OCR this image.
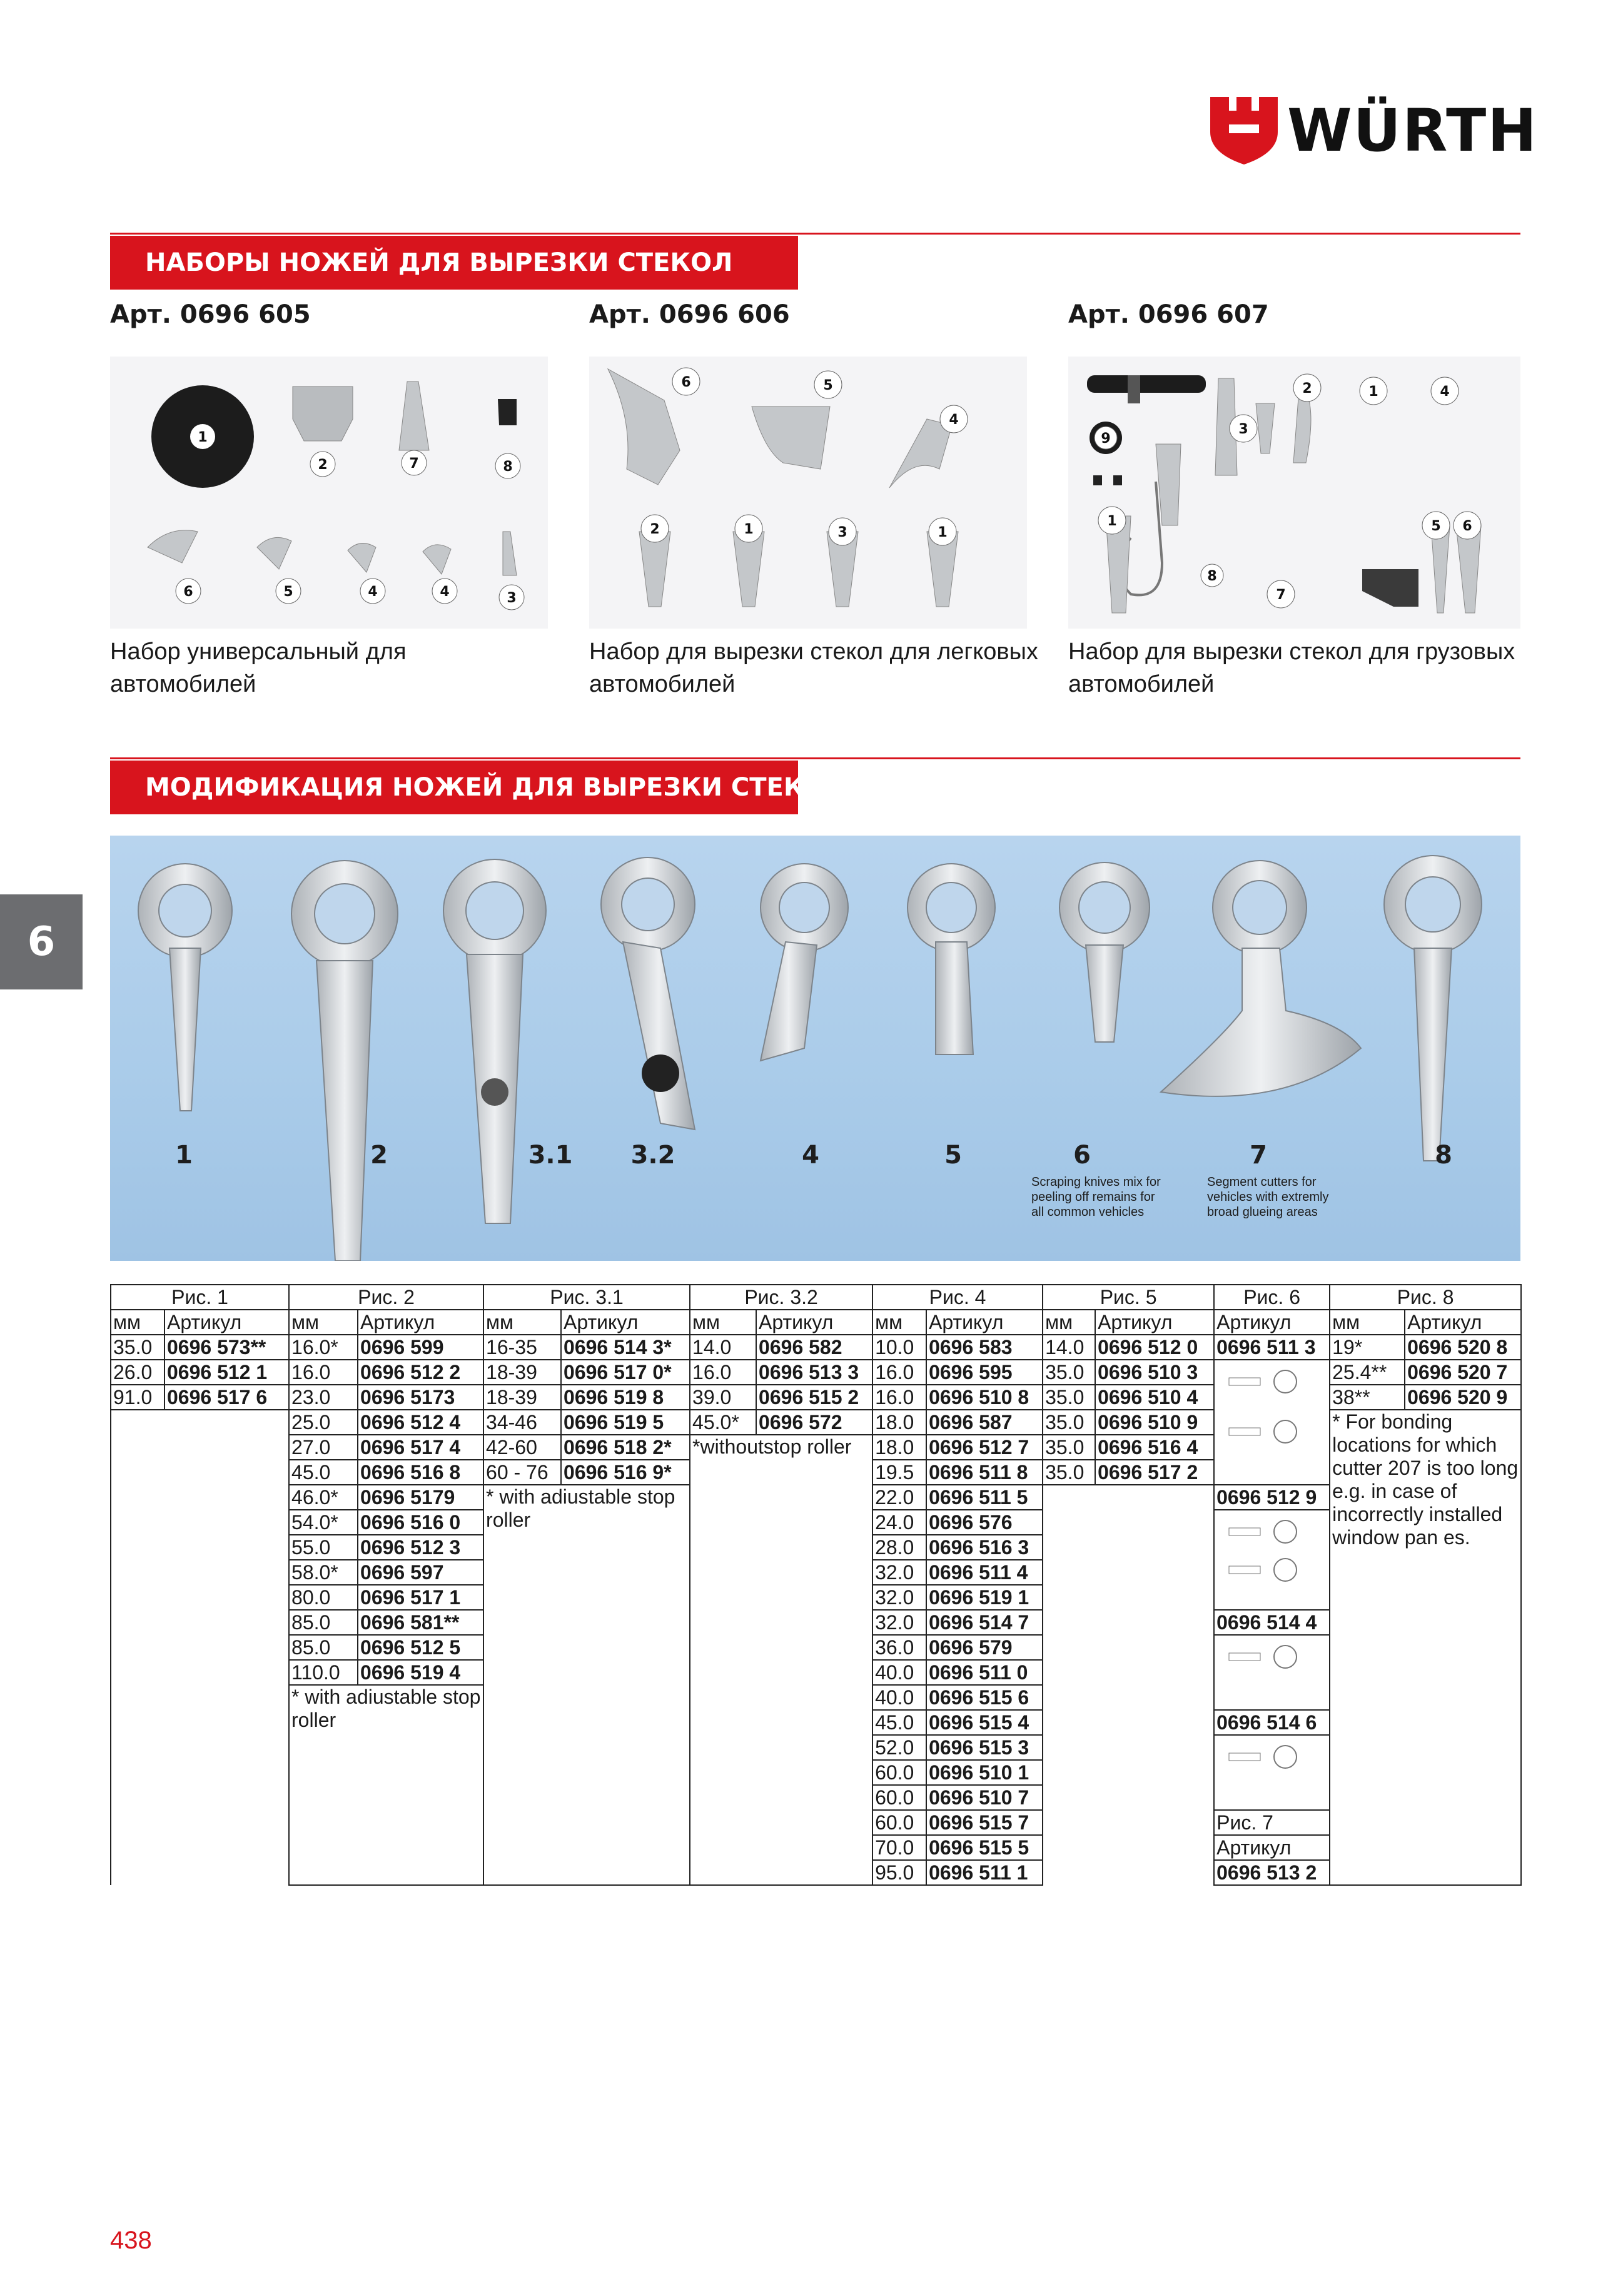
WÜRTH
НАБОРЫ НОЖЕЙ ДЛЯ ВЫРЕЗКИ СТЕКОЛ
Арт. 0696 605	Арт. 0696 606	Арт. 0696 607
1
2	7	8
6	5	4	4	3
6	5
4
2	1	3	1
2	1	4
9
3
1
8
5 6
7
Набор универсальный для
автомобилей
Набор для вырезки стекол для легковых
автомобилей
Набор для вырезки стекол для грузовых
автомобилей
МОДИФИКАЦИЯ НОЖЕЙ ДЛЯ ВЫРЕЗКИ СТЕКОЛ
6
1	2	3.1 3.2	4	5	6	7	8
Scraping knives mix for peeling off remains for all common vehicles
Segment cutters for vehicles with extremly broad glueing areas
Рис. 1		Рис. 2		Рис. 3.1		Рис. 3.2		Рис. 4		Рис. 5		Рис. 6	Рис. 8	
мм	Артикул	мм	Артикул	мм	Артикул	мм	Артикул	мм	Артикул	мм	Артикул	Артикул	мм	Артикул
35.0	0696 573**	16.0*	0696 599	16-35	0696 514 3*	14.0	0696 582	10.0	0696 583	14.0	0696 512 0	0696 511 3	19*	0696 520 8
26.0	0696 512 1	16.0	0696 512 2	18-39	0696 517 0*	16.0	0696 513 3	16.0	0696 595	35.0	0696 510 3		25.4**	0696 520 7
91.0	0696 517 6	23.0	0696 5173	18-39	0696 519 8	39.0	0696 515 2	16.0	0696 510 8	35.0	0696 510 4		38**	0696 520 9
		25.0	0696 512 4	34-46	0696 519 5	45.0*	0696 572	18.0	0696 587	35.0	0696 510 9		* For bonding locations for which cutter 207 is too long e.g. in case of incorrectly installed window pan es.	
		27.0	0696 517 4	42-60	0696 518 2*	*withoutstop roller		18.0	0696 512 7	35.0	0696 516 4			
		45.0	0696 516 8	60 - 76	0696 516 9*			19.5	0696 511 8	35.0	0696 517 2			
		46.0*	0696 5179	* with adiustable stop roller				22.0	0696 511 5			0696 512 9		
		54.0*	0696 516 0					24.0	0696 576	
		55.0	0696 512 3					28.0	0696 516 3					
		58.0*	0696 597					32.0	0696 511 4					
		80.0	0696 517 1					32.0	0696 519 1					
		85.0	0696 581**					32.0	0696 514 7			0696 514 4		
		85.0	0696 512 5					36.0	0696 579	
		110.0	0696 519 4					40.0	0696 511 0					
		* with adiustable stop roller						40.0	0696 515 6					
								45.0	0696 515 4			0696 514 6		
								52.0	0696 515 3	
								60.0	0696 510 1					
								60.0	0696 510 7					
								60.0	0696 515 7			Рис. 7		
								70.0	0696 515 5			Артикул		
								95.0	0696 511 1			0696 513 2		
438
